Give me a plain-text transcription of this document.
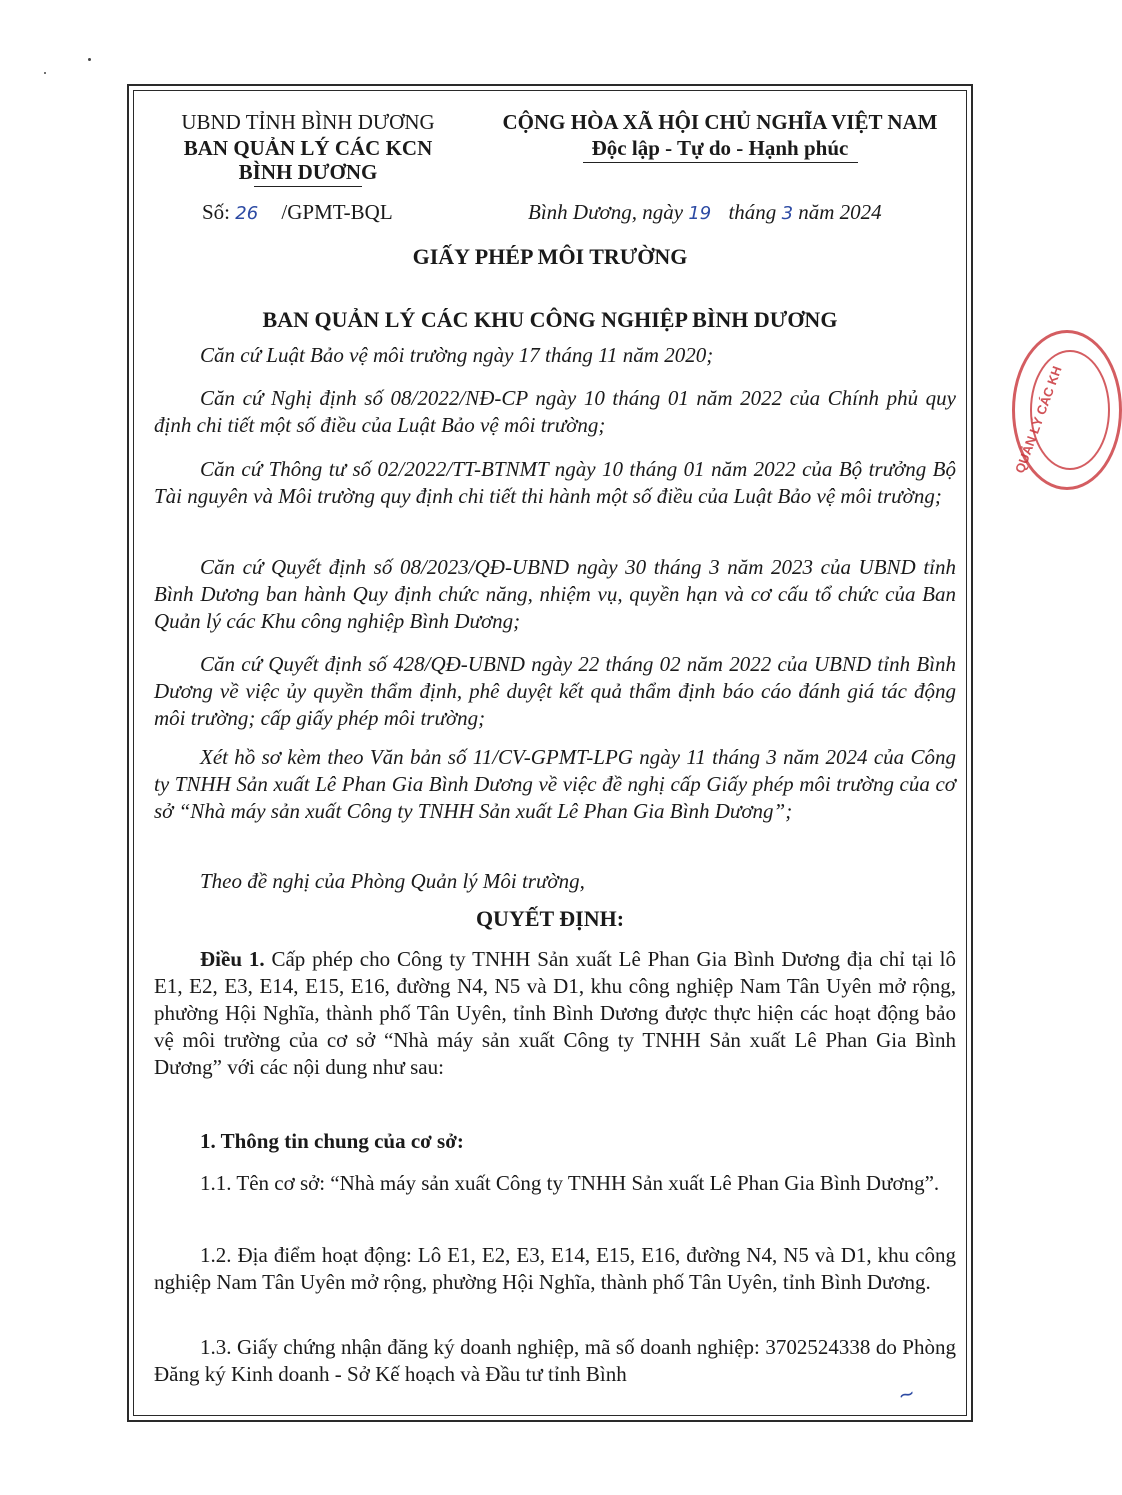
UBND TỈNH BÌNH DƯƠNG
BAN QUẢN LÝ CÁC KCN
BÌNH DƯƠNG
CỘNG HÒA XÃ HỘI CHỦ NGHĨA VIỆT NAM
Độc lập - Tự do - Hạnh phúc
Số: 26 /GPMT-BQL	Bình Dương, ngày 19 tháng 3 năm 2024
GIẤY PHÉP MÔI TRƯỜNG
BAN QUẢN LÝ CÁC KHU CÔNG NGHIỆP BÌNH DƯƠNG
Căn cứ Luật Bảo vệ môi trường ngày 17 tháng 11 năm 2020;
Căn cứ Nghị định số 08/2022/NĐ-CP ngày 10 tháng 01 năm 2022 của Chính phủ quy định chi tiết một số điều của Luật Bảo vệ môi trường;
Căn cứ Thông tư số 02/2022/TT-BTNMT ngày 10 tháng 01 năm 2022 của Bộ trưởng Bộ Tài nguyên và Môi trường quy định chi tiết thi hành một số điều của Luật Bảo vệ môi trường;
Căn cứ Quyết định số 08/2023/QĐ-UBND ngày 30 tháng 3 năm 2023 của UBND tỉnh Bình Dương ban hành Quy định chức năng, nhiệm vụ, quyền hạn và cơ cấu tổ chức của Ban Quản lý các Khu công nghiệp Bình Dương;
Căn cứ Quyết định số 428/QĐ-UBND ngày 22 tháng 02 năm 2022 của UBND tỉnh Bình Dương về việc ủy quyền thẩm định, phê duyệt kết quả thẩm định báo cáo đánh giá tác động môi trường; cấp giấy phép môi trường;
Xét hồ sơ kèm theo Văn bản số 11/CV-GPMT-LPG ngày 11 tháng 3 năm 2024 của Công ty TNHH Sản xuất Lê Phan Gia Bình Dương về việc đề nghị cấp Giấy phép môi trường của cơ sở “Nhà máy sản xuất Công ty TNHH Sản xuất Lê Phan Gia Bình Dương”;
Theo đề nghị của Phòng Quản lý Môi trường,
QUYẾT ĐỊNH:
Điều 1. Cấp phép cho Công ty TNHH Sản xuất Lê Phan Gia Bình Dương địa chỉ tại lô E1, E2, E3, E14, E15, E16, đường N4, N5 và D1, khu công nghiệp Nam Tân Uyên mở rộng, phường Hội Nghĩa, thành phố Tân Uyên, tỉnh Bình Dương được thực hiện các hoạt động bảo vệ môi trường của cơ sở “Nhà máy sản xuất Công ty TNHH Sản xuất Lê Phan Gia Bình Dương” với các nội dung như sau:
1. Thông tin chung của cơ sở:
1.1. Tên cơ sở: “Nhà máy sản xuất Công ty TNHH Sản xuất Lê Phan Gia Bình Dương”.
1.2. Địa điểm hoạt động: Lô E1, E2, E3, E14, E15, E16, đường N4, N5 và D1, khu công nghiệp Nam Tân Uyên mở rộng, phường Hội Nghĩa, thành phố Tân Uyên, tỉnh Bình Dương.
1.3. Giấy chứng nhận đăng ký doanh nghiệp, mã số doanh nghiệp: 3702524338 do Phòng Đăng ký Kinh doanh - Sở Kế hoạch và Đầu tư tỉnh Bình
~
QUẢN LÝ CÁC KH
